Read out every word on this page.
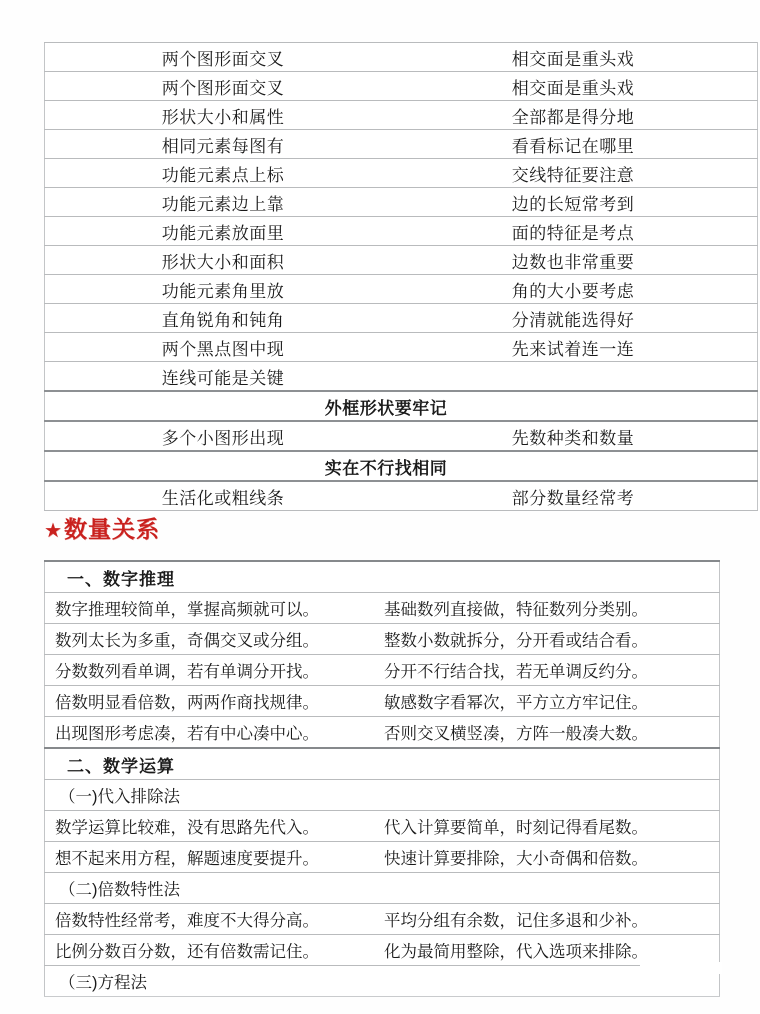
两个图形面交叉	相交面是重头戏
两个图形面交叉	相交面是重头戏
形状大小和属性	全部都是得分地
相同元素每图有	看看标记在哪里
功能元素点上标	交线特征要注意
功能元素边上靠	边的长短常考到
功能元素放面里	面的特征是考点
形状大小和面积	边数也非常重要
功能元素角里放	角的大小要考虑
直角锐角和钝角	分清就能选得好
两个黑点图中现	先来试着连一连
连线可能是关键	
外框形状要牢记	
多个小图形出现	先数种类和数量
实在不行找相同	
生活化或粗线条	部分数量经常考
★数量关系
一、数字推理	
数字推理较简单，掌握高频就可以。	基础数列直接做，特征数列分类别。
数列太长为多重，奇偶交叉或分组。	整数小数就拆分，分开看或结合看。
分数数列看单调，若有单调分开找。	分开不行结合找，若无单调反约分。
倍数明显看倍数，两两作商找规律。	敏感数字看幂次，平方立方牢记住。
出现图形考虑凑，若有中心凑中心。	否则交叉横竖凑，方阵一般凑大数。
二、数学运算	
（一)代入排除法	
数学运算比较难，没有思路先代入。	代入计算要简单，时刻记得看尾数。
想不起来用方程，解题速度要提升。	快速计算要排除，大小奇偶和倍数。
（二)倍数特性法	
倍数特性经常考，难度不大得分高。	平均分组有余数，记住多退和少补。
比例分数百分数，还有倍数需记住。	化为最简用整除，代入选项来排除。
（三)方程法	
